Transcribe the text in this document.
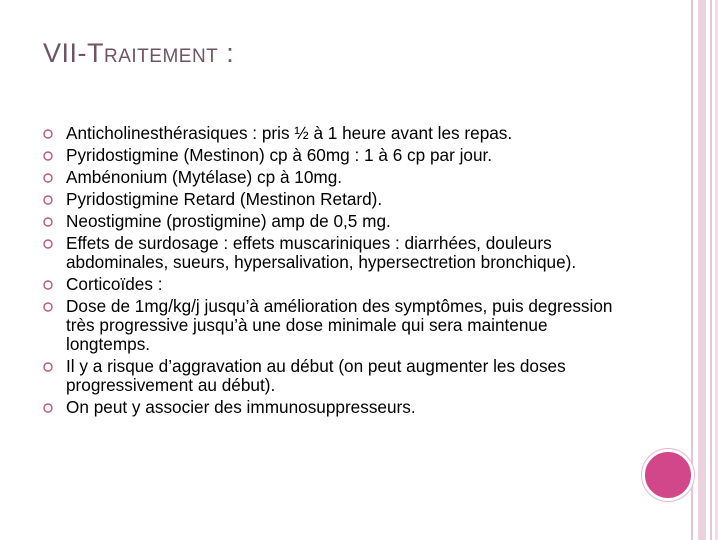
VII-TRAITEMENT :
Anticholinesthérasiques : pris ½ à 1 heure avant les repas.
Pyridostigmine (Mestinon) cp à 60mg : 1 à 6 cp par jour.
Ambénonium (Mytélase) cp à 10mg.
Pyridostigmine Retard (Mestinon Retard).
Neostigmine (prostigmine) amp de 0,5 mg.
Effets de surdosage : effets muscariniques : diarrhées, douleurs abdominales, sueurs, hypersalivation, hypersectretion bronchique).
Corticoïdes :
Dose de 1mg/kg/j jusqu’à amélioration des symptômes, puis degression très progressive jusqu’à une dose minimale qui sera maintenue longtemps.
Il y a risque d’aggravation au début (on peut augmenter les doses progressivement au début).
On peut y associer des immunosuppresseurs.
